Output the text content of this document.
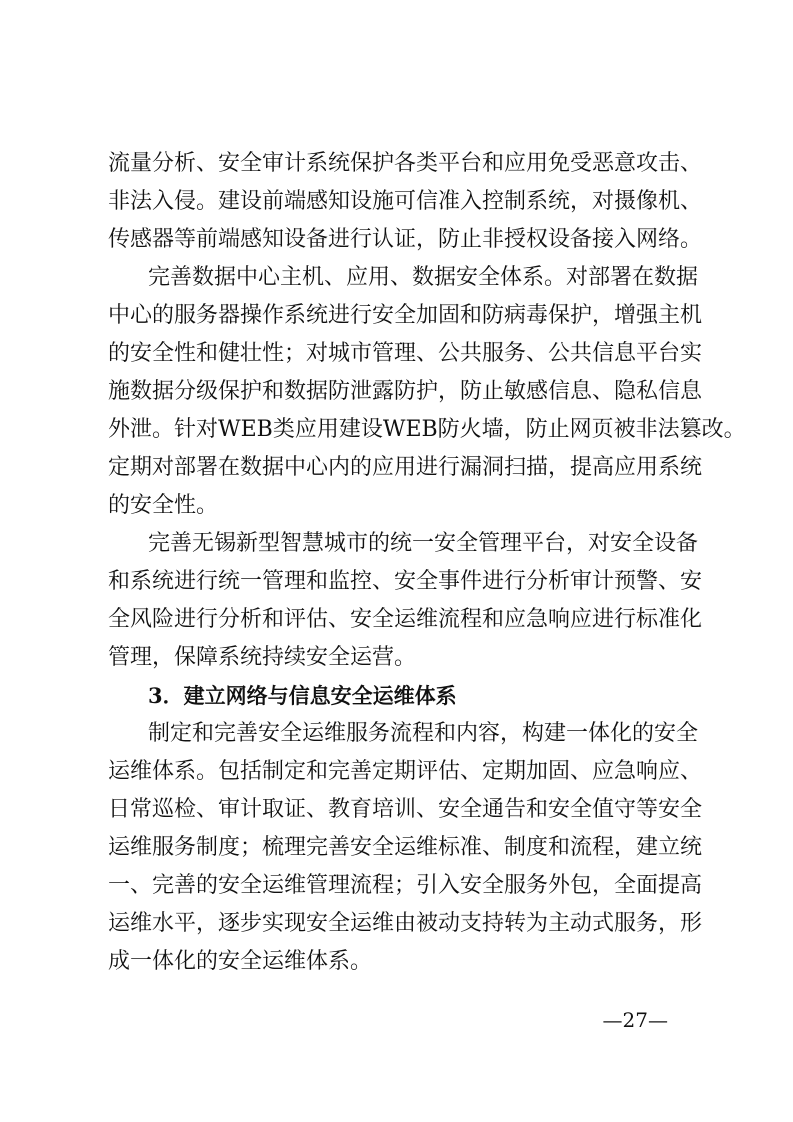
流量分析、安全审计系统保护各类平台和应用免受恶意攻击、
非法入侵。建设前端感知设施可信准入控制系统，对摄像机、
传感器等前端感知设备进行认证，防止非授权设备接入网络。
完善数据中心主机、应用、数据安全体系。对部署在数据
中心的服务器操作系统进行安全加固和防病毒保护，增强主机
的安全性和健壮性；对城市管理、公共服务、公共信息平台实
施数据分级保护和数据防泄露防护，防止敏感信息、隐私信息
外泄。针对WEB类应用建设WEB防火墙，防止网页被非法篡改。
定期对部署在数据中心内的应用进行漏洞扫描，提高应用系统
的安全性。
完善无锡新型智慧城市的统一安全管理平台，对安全设备
和系统进行统一管理和监控、安全事件进行分析审计预警、安
全风险进行分析和评估、安全运维流程和应急响应进行标准化
管理，保障系统持续安全运营。
3．建立网络与信息安全运维体系
制定和完善安全运维服务流程和内容，构建一体化的安全
运维体系。包括制定和完善定期评估、定期加固、应急响应、
日常巡检、审计取证、教育培训、安全通告和安全值守等安全
运维服务制度；梳理完善安全运维标准、制度和流程，建立统
一、完善的安全运维管理流程；引入安全服务外包，全面提高
运维水平，逐步实现安全运维由被动支持转为主动式服务，形
成一体化的安全运维体系。
—27—
